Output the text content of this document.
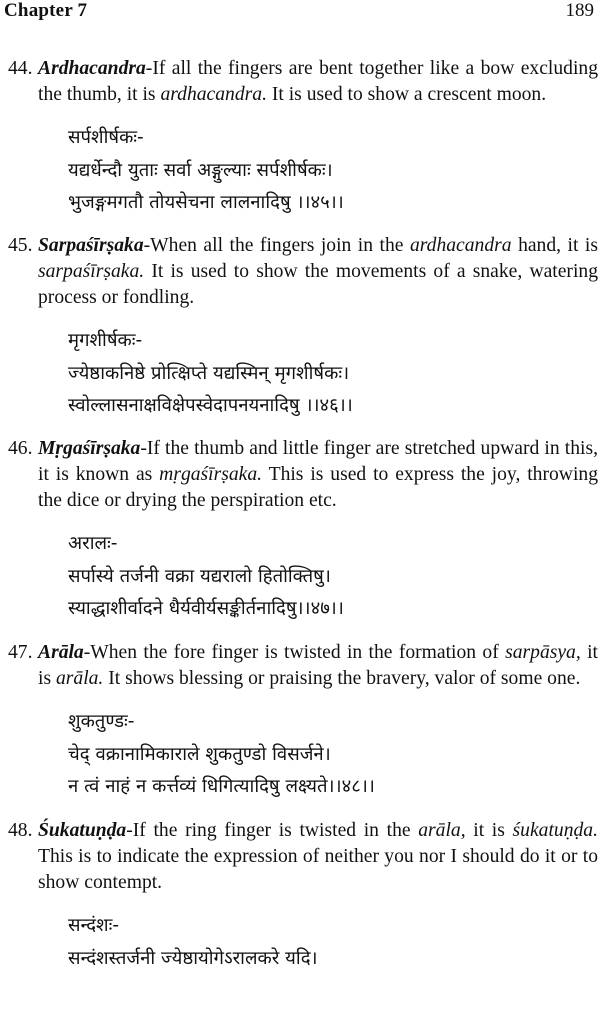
Chapter 7	189

44. Ardhacandra-If all the fingers are bent together like a bow excluding the thumb, it is ardhacandra. It is used to show a crescent moon.

सर्पशीर्षकः-
यद्यर्धेन्दौ युताः सर्वा अङ्गुल्याः सर्पशीर्षकः।
भुजङ्गमगतौ तोयसेचना लालनादिषु ।।४५।।

45. Sarpaśīrṣaka-When all the fingers join in the ardhacandra hand, it is sarpaśīrṣaka. It is used to show the movements of a snake, watering process or fondling.

मृगशीर्षकः-
ज्येष्ठाकनिष्ठे प्रोत्क्षिप्ते यद्यस्मिन् मृगशीर्षकः।
स्वोल्लासनाक्षविक्षेपस्वेदापनयनादिषु ।।४६।।

46. Mṛgaśīrṣaka-If the thumb and little finger are stretched upward in this, it is known as mṛgaśīrṣaka. This is used to express the joy, throwing the dice or drying the perspiration etc.

अरालः-
सर्पास्ये तर्जनी वक्रा यद्यरालो हितोक्तिषु।
स्याद्धाशीर्वादने धैर्यवीर्यसङ्कीर्तनादिषु।।४७।।

47. Arāla-When the fore finger is twisted in the formation of sarpāsya, it is arāla. It shows blessing or praising the bravery, valor of some one.

शुकतुण्डः-
चेद् वक्रानामिकाराले शुकतुण्डो विसर्जने।
न त्वं नाहं न कर्त्तव्यं धिगित्यादिषु लक्ष्यते।।४८।।

48. Śukatuṇḍa-If the ring finger is twisted in the arāla, it is śukatuṇḍa. This is to indicate the expression of neither you nor I should do it or to show contempt.

सन्दंशः-
सन्दंशस्तर्जनी ज्येष्ठायोगेऽरालकरे यदि।
